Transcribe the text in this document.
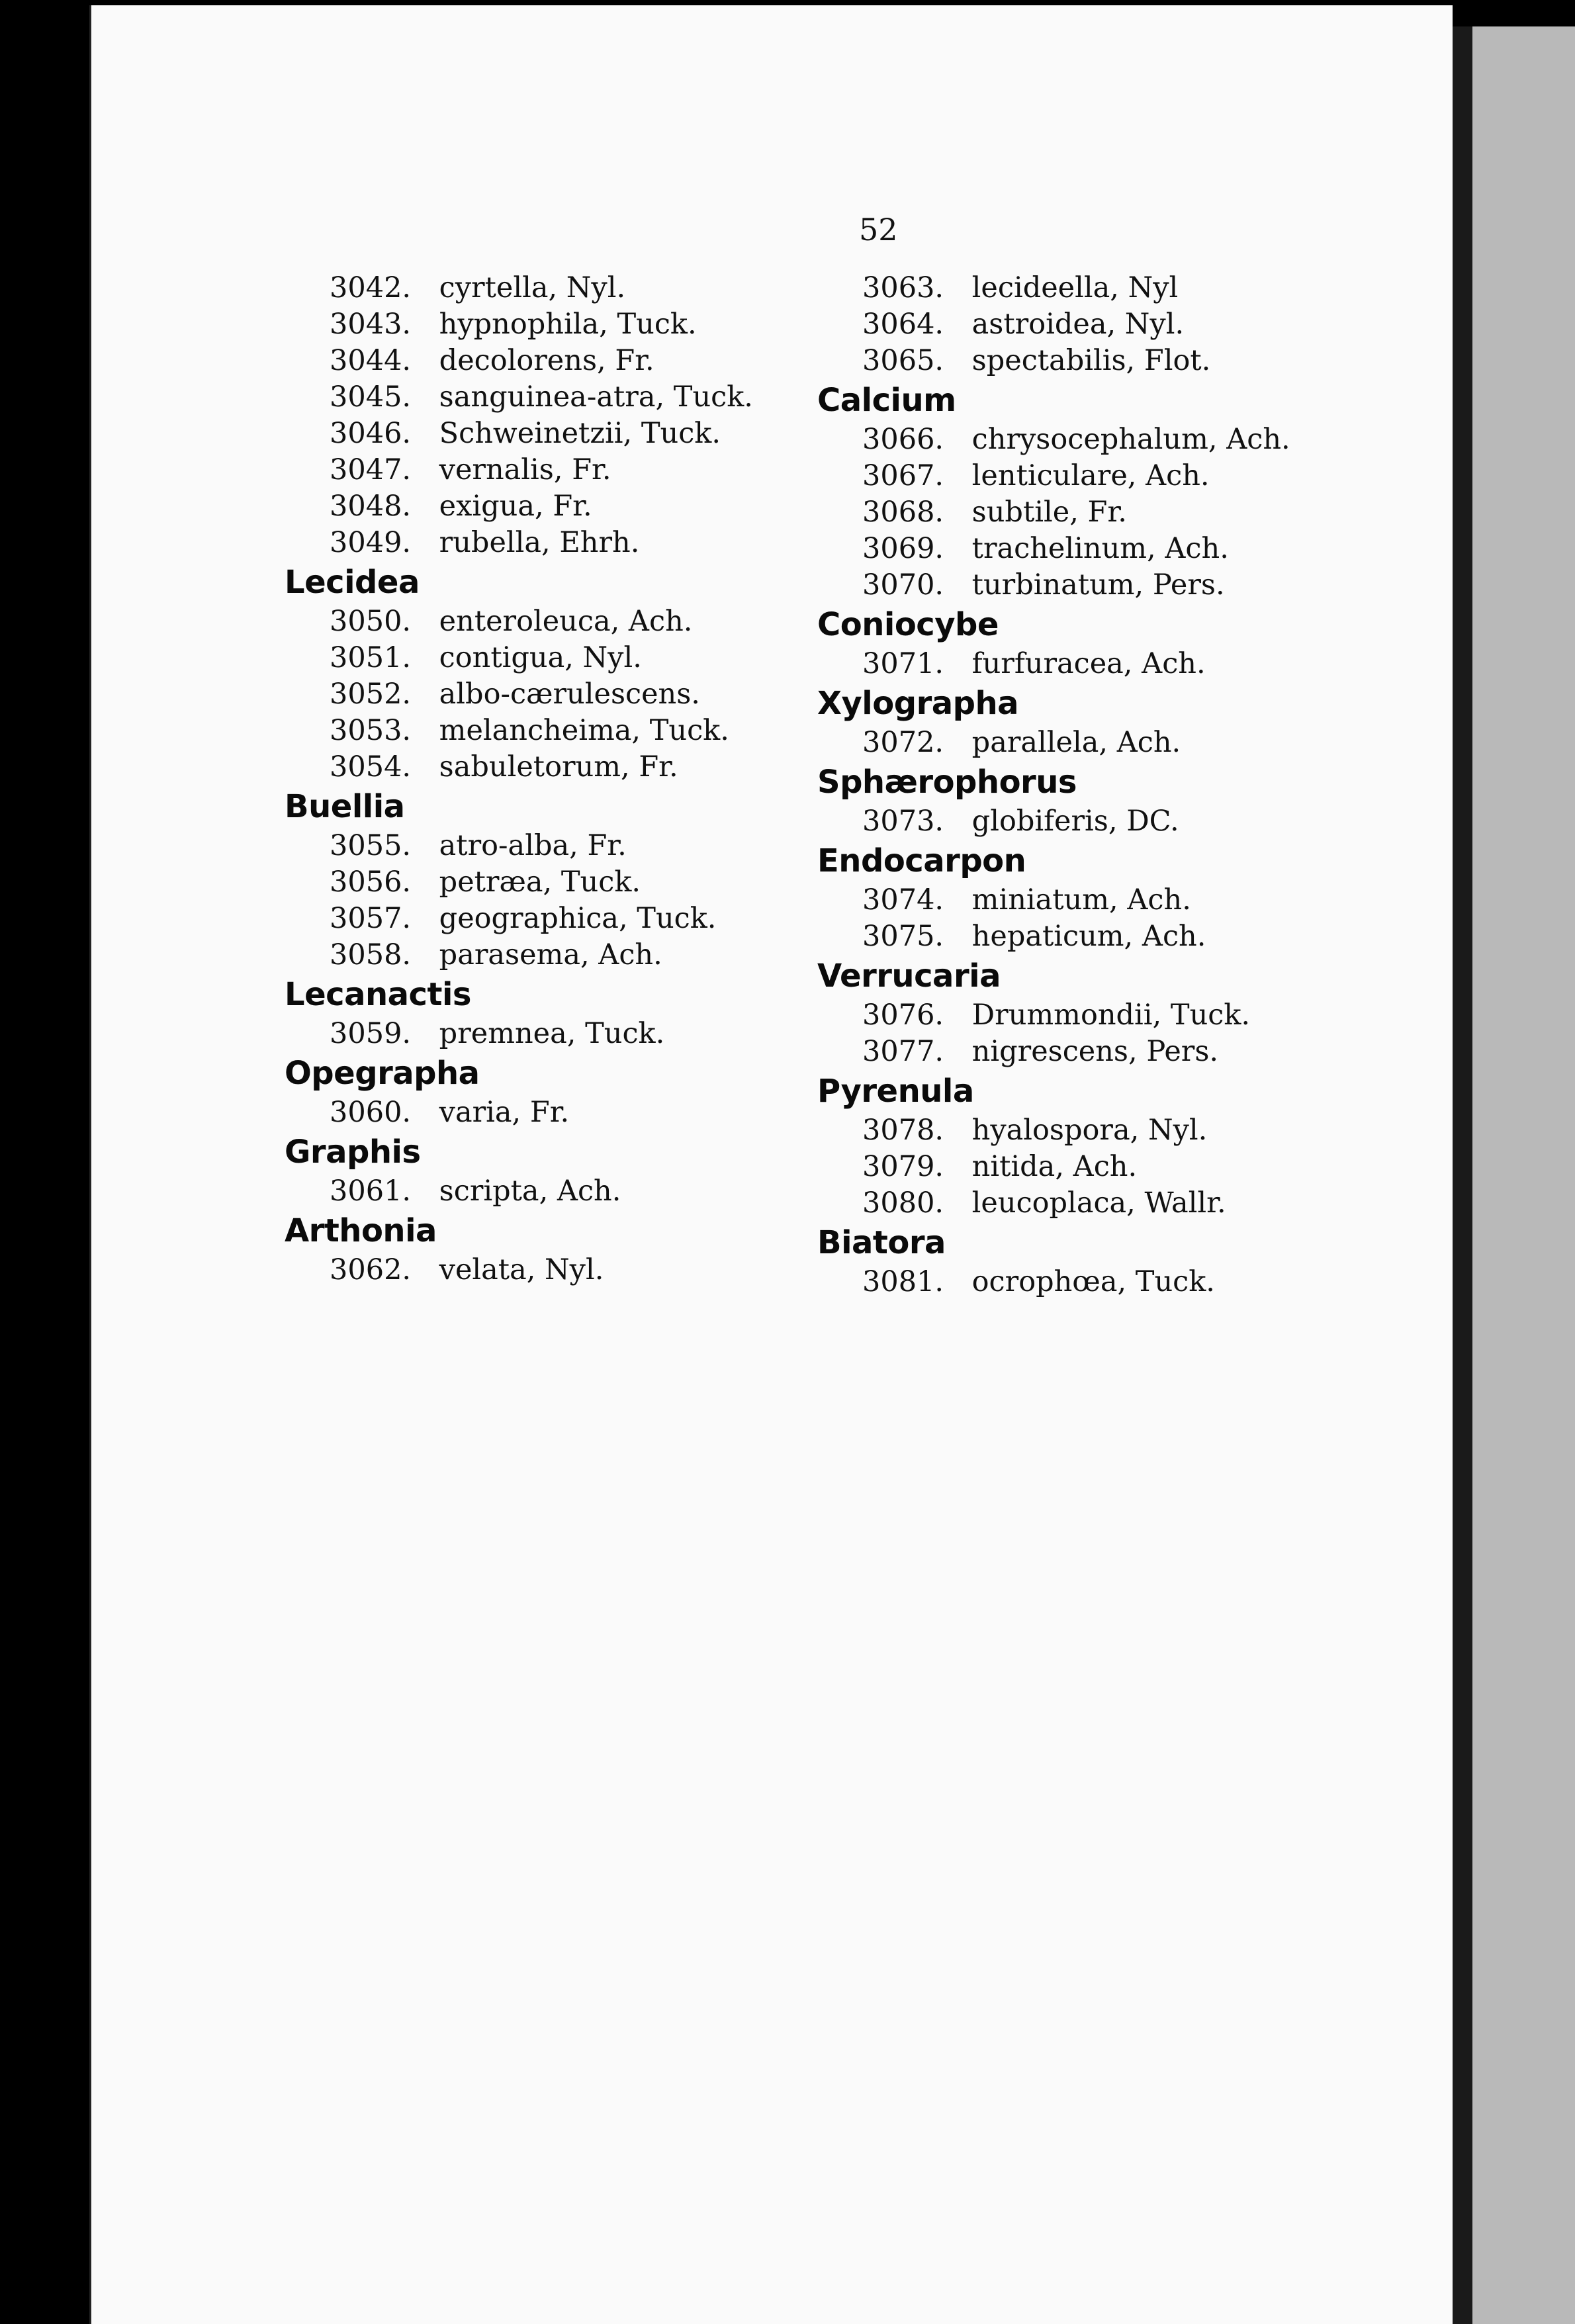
52
3042. cyrtella, Nyl.
3043. hypnophila, Tuck.
3044. decolorens, Fr.
3045. sanguinea-atra, Tuck.
3046. Schweinetzii, Tuck.
3047. vernalis, Fr.
3048. exigua, Fr.
3049. rubella, Ehrh.
Lecidea
3050. enteroleuca, Ach.
3051. contigua, Nyl.
3052. albo-cærulescens.
3053. melancheima, Tuck.
3054. sabuletorum, Fr.
Buellia
3055. atro-alba, Fr.
3056. petræa, Tuck.
3057. geographica, Tuck.
3058. parasema, Ach.
Lecanactis
3059. premnea, Tuck.
Opegrapha
3060. varia, Fr.
Graphis
3061. scripta, Ach.
Arthonia
3062. velata, Nyl.
3063. lecideella, Nyl
3064. astroidea, Nyl.
3065. spectabilis, Flot.
Calcium
3066. chrysocephalum, Ach.
3067. lenticulare, Ach.
3068. subtile, Fr.
3069. trachelinum, Ach.
3070. turbinatum, Pers.
Coniocybe
3071. furfuracea, Ach.
Xylographa
3072. parallela, Ach.
Sphærophorus
3073. globiferis, DC.
Endocarpon
3074. miniatum, Ach.
3075. hepaticum, Ach.
Verrucaria
3076. Drummondii, Tuck.
3077. nigrescens, Pers.
Pyrenula
3078. hyalospora, Nyl.
3079. nitida, Ach.
3080. leucoplaca, Wallr.
Biatora
3081. ocrophœa, Tuck.
